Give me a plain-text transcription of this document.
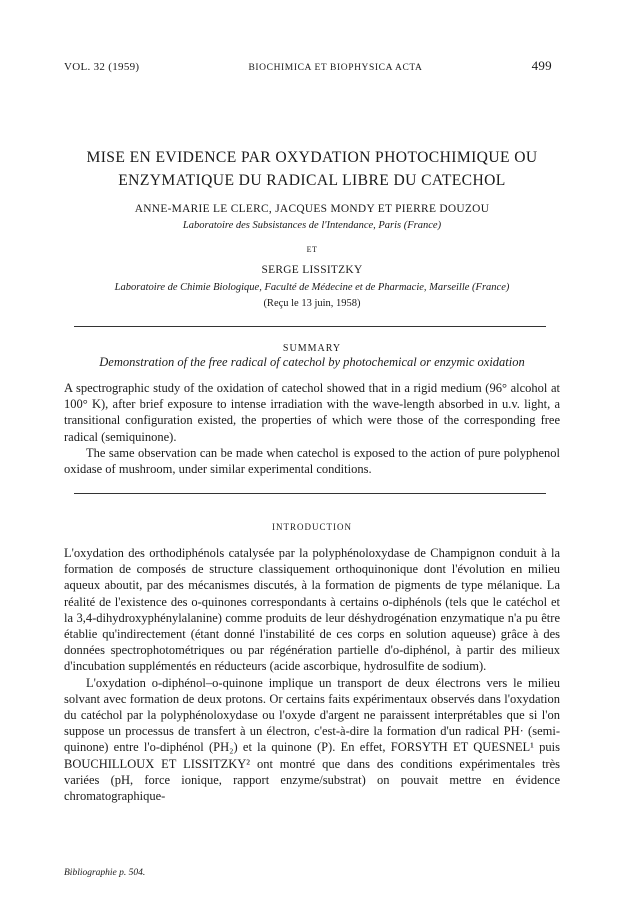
VOL. 32 (1959)	BIOCHIMICA ET BIOPHYSICA ACTA	499
MISE EN EVIDENCE PAR OXYDATION PHOTOCHIMIQUE OU
ENZYMATIQUE DU RADICAL LIBRE DU CATECHOL
ANNE-MARIE LE CLERC, JACQUES MONDY ET PIERRE DOUZOU
Laboratoire des Subsistances de l'Intendance, Paris (France)
ET
SERGE LISSITZKY
Laboratoire de Chimie Biologique, Faculté de Médecine et de Pharmacie, Marseille (France)
(Reçu le 13 juin, 1958)
SUMMARY
Demonstration of the free radical of catechol by photochemical or enzymic oxidation

A spectrographic study of the oxidation of catechol showed that in a rigid medium (96° alcohol at 100° K), after brief exposure to intense irradiation with the wave-length absorbed in u.v. light, a transitional configuration existed, the properties of which were those of the corresponding free radical (semiquinone).

The same observation can be made when catechol is exposed to the action of pure polyphenol oxidase of mushroom, under similar experimental conditions.

INTRODUCTION

L'oxydation des orthodiphénols catalysée par la polyphénoloxydase de Champignon conduit à la formation de composés de structure classiquement orthoquinonique dont l'évolution en milieu aqueux aboutit, par des mécanismes discutés, à la formation de pigments de type mélanique. La réalité de l'existence des o-quinones correspondants à certains o-diphénols (tels que le catéchol et la 3,4-dihydroxyphénylalanine) comme produits de leur déshydrogénation enzymatique n'a pu être établie qu'indirectement (étant donné l'instabilité de ces corps en solution aqueuse) grâce à des données spectrophotométriques ou par régénération partielle d'o-diphénol, à partir des milieux d'incubation supplémentés en réducteurs (acide ascorbique, hydrosulfite de sodium).

L'oxydation o-diphénol–o-quinone implique un transport de deux électrons vers le milieu solvant avec formation de deux protons. Or certains faits expérimentaux observés dans l'oxydation du catéchol par la polyphénoloxydase ou l'oxyde d'argent ne paraissent interprétables que si l'on suppose un processus de transfert à un électron, c'est-à-dire la formation d'un radical PH· (semi-quinone) entre l'o-diphénol (PH₂) et la quinone (P). En effet, FORSYTH ET QUESNEL¹ puis BOUCHILLOUX ET LISSITZKY² ont montré que dans des conditions expérimentales très variées (pH, force ionique, rapport enzyme/substrat) on pouvait mettre en évidence chromatographique-

Bibliographie p. 504.
